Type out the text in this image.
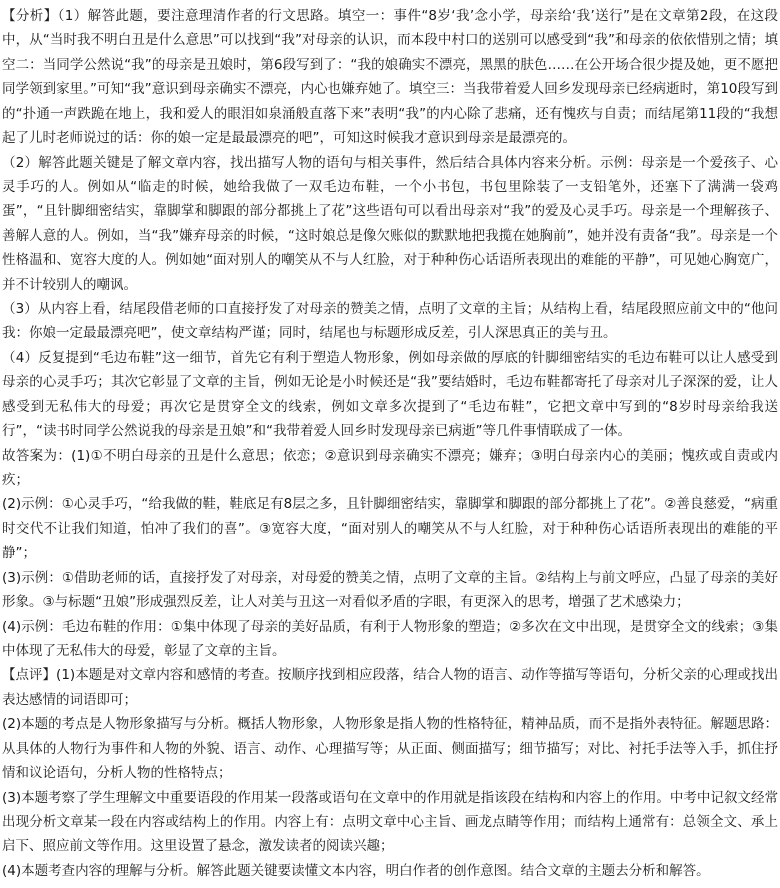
【分析】（1）解答此题，要注意理清作者的行文思路。填空一：事件“8岁‘我’念小学，母亲给‘我’送行”是在文章第2段，在这段中，从“当时我不明白丑是什么意思”可以找到“我”对母亲的认识，而本段中村口的送别可以感受到“我”和母亲的依依惜别之情；填空二：当同学公然说“我”的母亲是丑娘时，第6段写到了：“我的娘确实不漂亮，黑黑的肤色……在公开场合很少提及她，更不愿把同学领到家里。”可知“我”意识到母亲确实不漂亮，内心也嫌弃她了。填空三：当我带着爱人回乡发现母亲已经病逝时，第10段写到的“扑通一声跌跪在地上，我和爱人的眼泪如泉涌般直落下来”表明“我”的内心除了悲痛，还有愧疚与自责；而结尾第11段的“我想起了儿时老师说过的话：你的娘一定是最最漂亮的吧”，可知这时候我才意识到母亲是最漂亮的。

（2）解答此题关键是了解文章内容，找出描写人物的语句与相关事件，然后结合具体内容来分析。示例：母亲是一个爱孩子、心灵手巧的人。例如从“临走的时候，她给我做了一双毛边布鞋，一个小书包，书包里除装了一支铅笔外，还塞下了满满一袋鸡蛋”，“且针脚细密结实，靠脚掌和脚跟的部分都挑上了花”这些语句可以看出母亲对“我”的爱及心灵手巧。母亲是一个理解孩子、善解人意的人。例如，当“我”嫌弃母亲的时候，“这时娘总是像欠账似的默默地把我揽在她胸前”，她并没有责备“我”。母亲是一个性格温和、宽容大度的人。例如她“面对别人的嘲笑从不与人红脸，对于种种伤心话语所表现出的难能的平静”，可见她心胸宽广，并不计较别人的嘲讽。

（3）从内容上看，结尾段借老师的口直接抒发了对母亲的赞美之情，点明了文章的主旨；从结构上看，结尾段照应前文中的“他问我：你娘一定最最漂亮吧”，使文章结构严谨；同时，结尾也与标题形成反差，引人深思真正的美与丑。

（4）反复提到“毛边布鞋”这一细节，首先它有利于塑造人物形象，例如母亲做的厚底的针脚细密结实的毛边布鞋可以让人感受到母亲的心灵手巧；其次它彰显了文章的主旨，例如无论是小时候还是“我”要结婚时，毛边布鞋都寄托了母亲对儿子深深的爱，让人感受到无私伟大的母爱；再次它是贯穿全文的线索，例如文章多次提到了“毛边布鞋”，它把文章中写到的“8岁时母亲给我送行”，“读书时同学公然说我的母亲是丑娘”和“我带着爱人回乡时发现母亲已病逝”等几件事情联成了一体。

故答案为：(1)①不明白母亲的丑是什么意思；依恋；②意识到母亲确实不漂亮；嫌弃；③明白母亲内心的美丽；愧疚或自责或内疚；

(2)示例：①心灵手巧，“给我做的鞋，鞋底足有8层之多，且针脚细密结实，靠脚掌和脚跟的部分都挑上了花”。②善良慈爱，“病重时交代不让我们知道，怕冲了我们的喜”。③宽容大度，“面对别人的嘲笑从不与人红脸，对于种种伤心话语所表现出的难能的平静”；

(3)示例：①借助老师的话，直接抒发了对母亲，对母爱的赞美之情，点明了文章的主旨。②结构上与前文呼应，凸显了母亲的美好形象。③与标题“丑娘”形成强烈反差，让人对美与丑这一对看似矛盾的字眼，有更深入的思考，增强了艺术感染力；

(4)示例：毛边布鞋的作用：①集中体现了母亲的美好品质，有利于人物形象的塑造；②多次在文中出现，是贯穿全文的线索；③集中体现了无私伟大的母爱，彰显了文章的主旨。

【点评】(1)本题是对文章内容和感情的考查。按顺序找到相应段落，结合人物的语言、动作等描写等语句，分析父亲的心理或找出表达感情的词语即可；

(2)本题的考点是人物形象描写与分析。概括人物形象，人物形象是指人物的性格特征，精神品质，而不是指外表特征。解题思路：从具体的人物行为事件和人物的外貌、语言、动作、心理描写等；从正面、侧面描写；细节描写；对比、衬托手法等入手，抓住抒情和议论语句，分析人物的性格特点；

(3)本题考察了学生理解文中重要语段的作用某一段落或语句在文章中的作用就是指该段在结构和内容上的作用。中考中记叙文经常出现分析文章某一段在内容或结构上的作用。内容上有：点明文章中心主旨、画龙点睛等作用；而结构上通常有：总领全文、承上启下、照应前文等作用。这里设置了悬念，激发读者的阅读兴趣；

(4)本题考查内容的理解与分析。解答此题关键要读懂文本内容，明白作者的创作意图。结合文章的主题去分析和解答。
